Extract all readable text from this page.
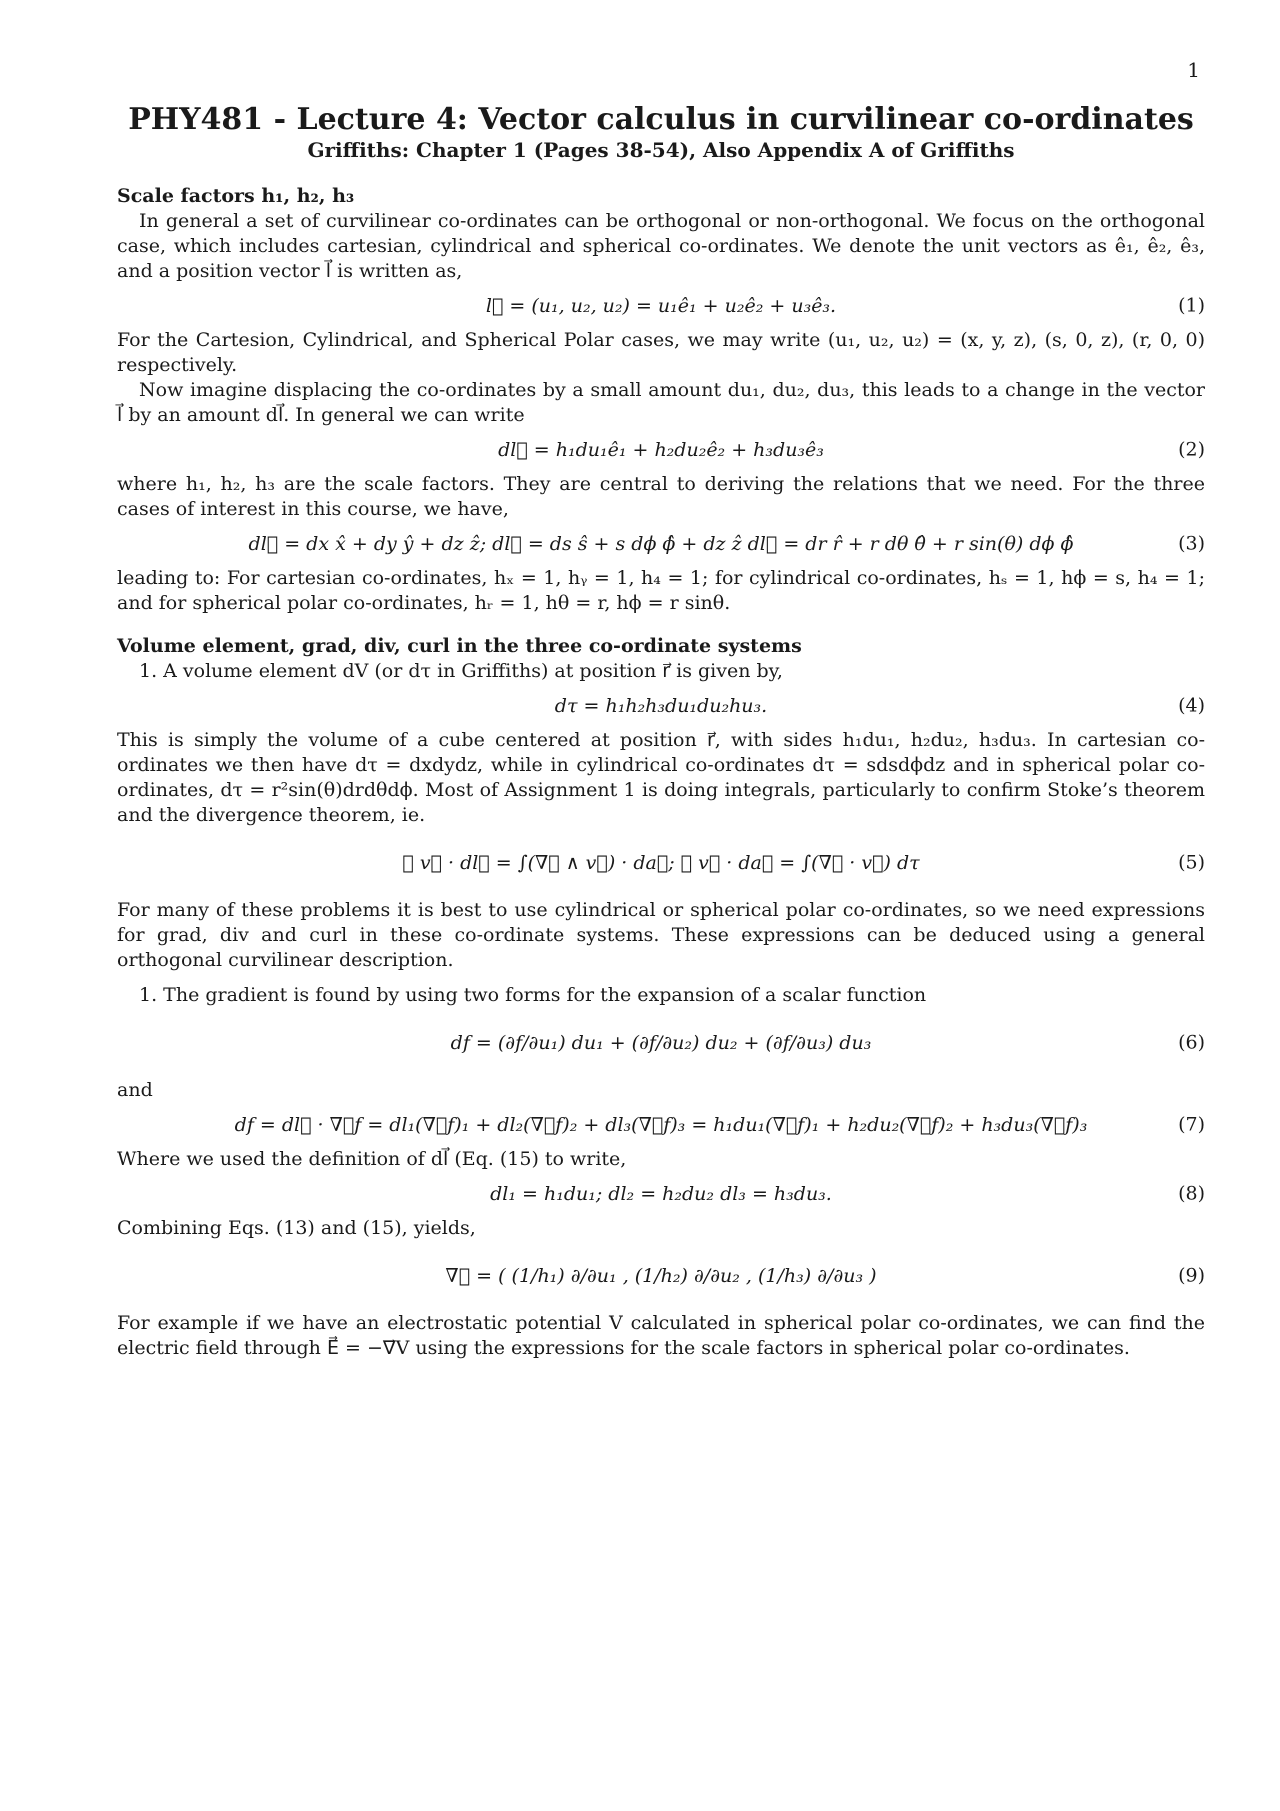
1
PHY481 - Lecture 4: Vector calculus in curvilinear co-ordinates
Griffiths: Chapter 1 (Pages 38-54), Also Appendix A of Griffiths
Scale factors h₁, h₂, h₃

In general a set of curvilinear co-ordinates can be orthogonal or non-orthogonal. We focus on the orthogonal case, which includes cartesian, cylindrical and spherical co-ordinates. We denote the unit vectors as ê₁, ê₂, ê₃, and a position vector l⃗ is written as,

l⃗ = (u₁, u₂, u₂) = u₁ê₁ + u₂ê₂ + u₃ê₃.	(1)

For the Cartesion, Cylindrical, and Spherical Polar cases, we may write (u₁, u₂, u₂) = (x, y, z), (s, 0, z), (r, 0, 0) respectively.

Now imagine displacing the co-ordinates by a small amount du₁, du₂, du₃, this leads to a change in the vector l⃗ by an amount dl⃗. In general we can write

dl⃗ = h₁du₁ê₁ + h₂du₂ê₂ + h₃du₃ê₃	(2)

where h₁, h₂, h₃ are the scale factors. They are central to deriving the relations that we need. For the three cases of interest in this course, we have,

dl⃗ = dx x̂ + dy ŷ + dz ẑ; dl⃗ = ds ŝ + s dϕ ϕ̂ + dz ẑ dl⃗ = dr r̂ + r dθ θ̂ + r sin(θ) dϕ ϕ̂	(3)

leading to: For cartesian co-ordinates, hₓ = 1, hᵧ = 1, h₄ = 1; for cylindrical co-ordinates, hₛ = 1, hϕ = s, h₄ = 1; and for spherical polar co-ordinates, hᵣ = 1, hθ = r, hϕ = r sinθ.

Volume element, grad, div, curl in the three co-ordinate systems

1. A volume element dV (or dτ in Griffiths) at position r⃗ is given by,

dτ = h₁h₂h₃du₁du₂hu₃.	(4)

This is simply the volume of a cube centered at position r⃗, with sides h₁du₁, h₂du₂, h₃du₃. In cartesian co-ordinates we then have dτ = dxdydz, while in cylindrical co-ordinates dτ = sdsdϕdz and in spherical polar co-ordinates, dτ = r²sin(θ)drdθdϕ. Most of Assignment 1 is doing integrals, particularly to confirm Stoke’s theorem and the divergence theorem, ie.

∮ v⃗ · dl⃗ = ∫(∇⃗ ∧ v⃗) · da⃗; ∮ v⃗ · da⃗ = ∫(∇⃗ · v⃗) dτ	(5)

For many of these problems it is best to use cylindrical or spherical polar co-ordinates, so we need expressions for grad, div and curl in these co-ordinate systems. These expressions can be deduced using a general orthogonal curvilinear description.

1. The gradient is found by using two forms for the expansion of a scalar function

df = (∂f/∂u₁) du₁ + (∂f/∂u₂) du₂ + (∂f/∂u₃) du₃	(6)

and

df = dl⃗ · ∇⃗f = dl₁(∇⃗f)₁ + dl₂(∇⃗f)₂ + dl₃(∇⃗f)₃ = h₁du₁(∇⃗f)₁ + h₂du₂(∇⃗f)₂ + h₃du₃(∇⃗f)₃	(7)

Where we used the definition of dl⃗ (Eq. (15) to write,

dl₁ = h₁du₁; dl₂ = h₂du₂ dl₃ = h₃du₃.	(8)

Combining Eqs. (13) and (15), yields,

∇⃗ = ( (1/h₁) ∂/∂u₁ , (1/h₂) ∂/∂u₂ , (1/h₃) ∂/∂u₃ )	(9)

For example if we have an electrostatic potential V calculated in spherical polar co-ordinates, we can find the electric field through E⃗ = −∇⃗V using the expressions for the scale factors in spherical polar co-ordinates.
